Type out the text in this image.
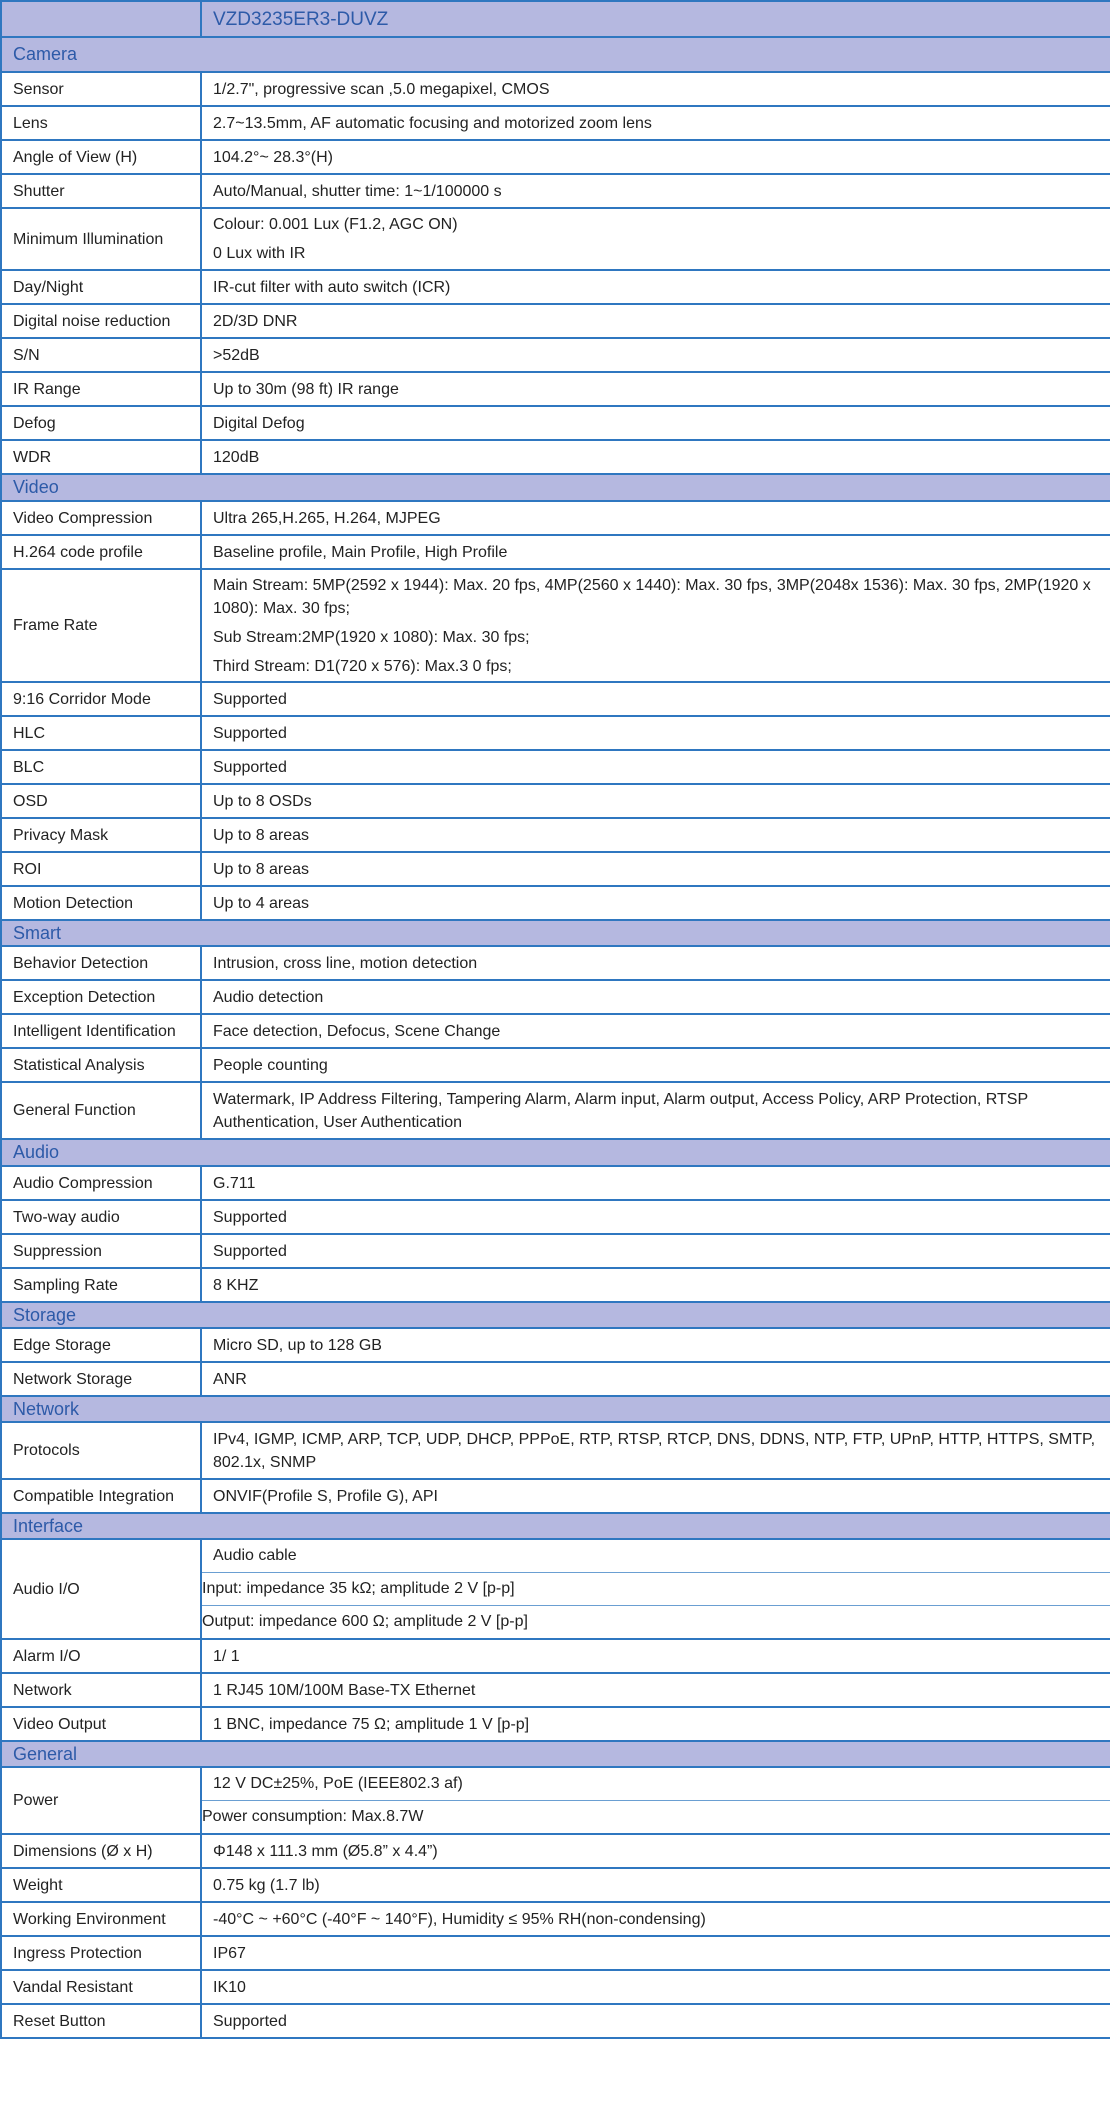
	VZD3235ER3-DUVZ
Camera	
Sensor	1/2.7", progressive scan ,5.0 megapixel, CMOS

Lens	2.7~13.5mm, AF automatic focusing and motorized zoom lens

Angle of View (H)	104.2°~ 28.3°(H)

Shutter	Auto/Manual, shutter time: 1~1/100000 s

Minimum Illumination	Colour: 0.001 Lux (F1.2, AGC ON)
0 Lux with IR

Day/Night	IR-cut filter with auto switch (ICR)

Digital noise reduction	2D/3D DNR

S/N	>52dB

IR Range	Up to 30m (98 ft) IR range

Defog	Digital Defog

WDR	120dB

Video	
Video Compression	Ultra 265,H.265, H.264, MJPEG

H.264 code profile	Baseline profile, Main Profile, High Profile

Frame Rate	Main Stream: 5MP(2592 x 1944): Max. 20 fps, 4MP(2560 x 1440): Max. 30 fps, 3MP(2048x 1536): Max. 30 fps, 2MP(1920 x 1080): Max. 30 fps;
Sub Stream:2MP(1920 x 1080): Max. 30 fps;
Third Stream: D1(720 x 576): Max.3 0 fps;

9:16 Corridor Mode	Supported

HLC	Supported

BLC	Supported

OSD	Up to 8 OSDs

Privacy Mask	Up to 8 areas

ROI	Up to 8 areas

Motion Detection	Up to 4 areas

Smart	
Behavior Detection	Intrusion, cross line, motion detection

Exception Detection	Audio detection

Intelligent Identification	Face detection, Defocus, Scene Change

Statistical Analysis	People counting

General Function	Watermark, IP Address Filtering, Tampering Alarm, Alarm input, Alarm output, Access Policy, ARP Protection, RTSP Authentication, User Authentication

Audio	
Audio Compression	G.711

Two-way audio	Supported

Suppression	Supported

Sampling Rate	8 KHZ

Storage	
Edge Storage	Micro SD, up to 128 GB

Network Storage	ANR

Network	
Protocols	IPv4, IGMP, ICMP, ARP, TCP, UDP, DHCP, PPPoE, RTP, RTSP, RTCP, DNS, DDNS, NTP, FTP, UPnP, HTTP, HTTPS, SMTP, 802.1x, SNMP

Compatible Integration	ONVIF(Profile S, Profile G), API

Interface	
Audio I/O	Audio cable
Input: impedance 35 kΩ; amplitude 2 V [p-p]
Output: impedance 600 Ω; amplitude 2 V [p-p]

Alarm I/O	1/ 1

Network	1 RJ45 10M/100M Base-TX Ethernet

Video Output	1 BNC, impedance 75 Ω; amplitude 1 V [p-p]

General	
Power	12 V DC±25%, PoE (IEEE802.3 af)
Power consumption: Max.8.7W

Dimensions (Ø x H)	Φ148 x 111.3 mm (Ø5.8” x 4.4”)

Weight	0.75 kg (1.7 lb)

Working Environment	-40°C ~ +60°C (-40°F ~ 140°F), Humidity ≤ 95% RH(non-condensing)

Ingress Protection	IP67

Vandal Resistant	IK10

Reset Button	Supported
